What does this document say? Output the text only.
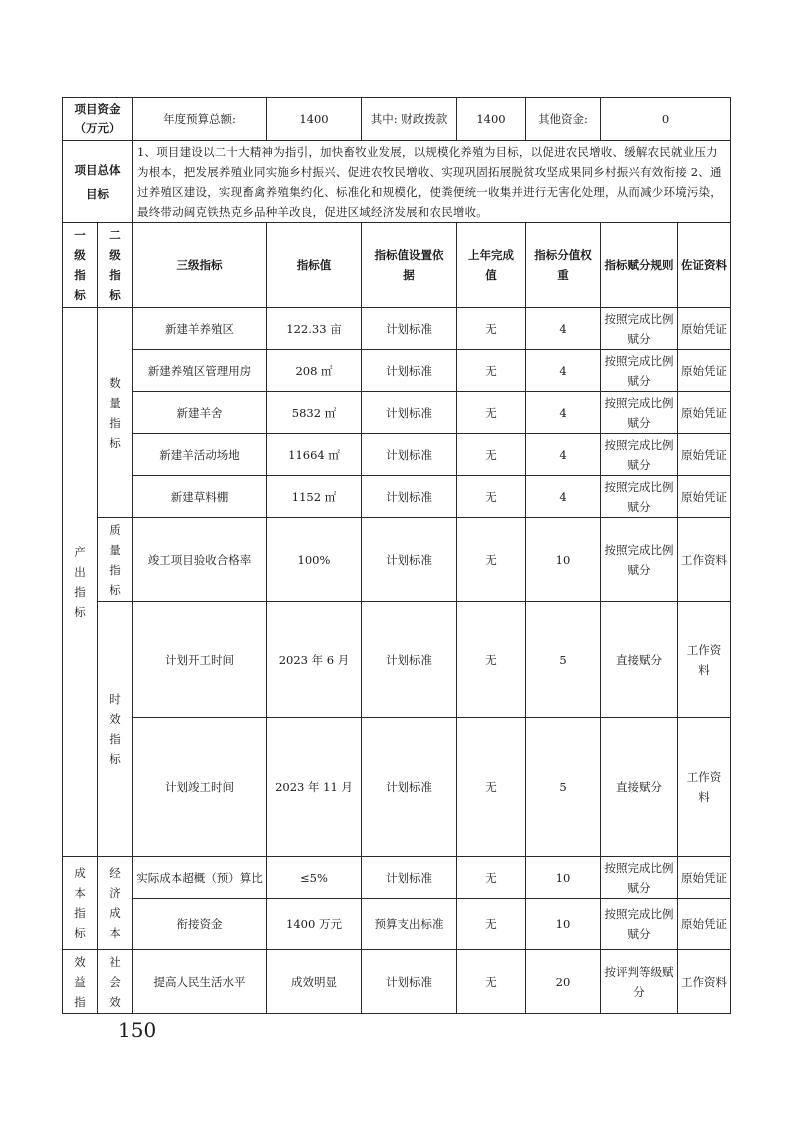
项目资金
（万元）		年度预算总额:	1400	其中: 财政拨款	1400	其他资金:	0	

项目总体
目标		1、项目建设以二十大精神为指引，加快畜牧业发展，以规模化养殖为目标，以促进农民增收、缓解农民就业压力为根本，把发展养殖业同实施乡村振兴、促进农牧民增收、实现巩固拓展脱贫攻坚成果同乡村振兴有效衔接 2、通过养殖区建设，实现畜禽养殖集约化、标准化和规模化，使粪便统一收集并进行无害化处理，从而减少环境污染，最终带动阔克铁热克乡品种羊改良，促进区域经济发展和农民增收。						

一
级
指
标	二
级
指
标	三级指标	指标值	指标值设置依据	上年完成值	指标分值权重	指标赋分规则	佐证资料

产
出
指
标	数
量
指
标	新建羊养殖区	122.33 亩	计划标准	无	4	按照完成比例赋分	原始凭证
		新建养殖区管理用房	208 ㎡	计划标准	无	4	按照完成比例赋分	原始凭证
		新建羊舍	5832 ㎡	计划标准	无	4	按照完成比例赋分	原始凭证
		新建羊活动场地	11664 ㎡	计划标准	无	4	按照完成比例赋分	原始凭证
		新建草料棚	1152 ㎡	计划标准	无	4	按照完成比例赋分	原始凭证

	质
量
指
标	竣工项目验收合格率	100%	计划标准	无	10	按照完成比例赋分	工作资料

	时
效
指
标	计划开工时间	2023 年 6 月	计划标准	无	5	直接赋分	工作资料
		计划竣工时间	2023 年 11 月	计划标准	无	5	直接赋分	工作资料

成
本
指
标	经
济
成
本	实际成本超概（预）算比	≤5%	计划标准	无	10	按照完成比例赋分	原始凭证
		衔接资金	1400 万元	预算支出标准	无	10	按照完成比例赋分	原始凭证

效
益
指	社
会
效	提高人民生活水平	成效明显	计划标准	无	20	按评判等级赋分	工作资料
150
